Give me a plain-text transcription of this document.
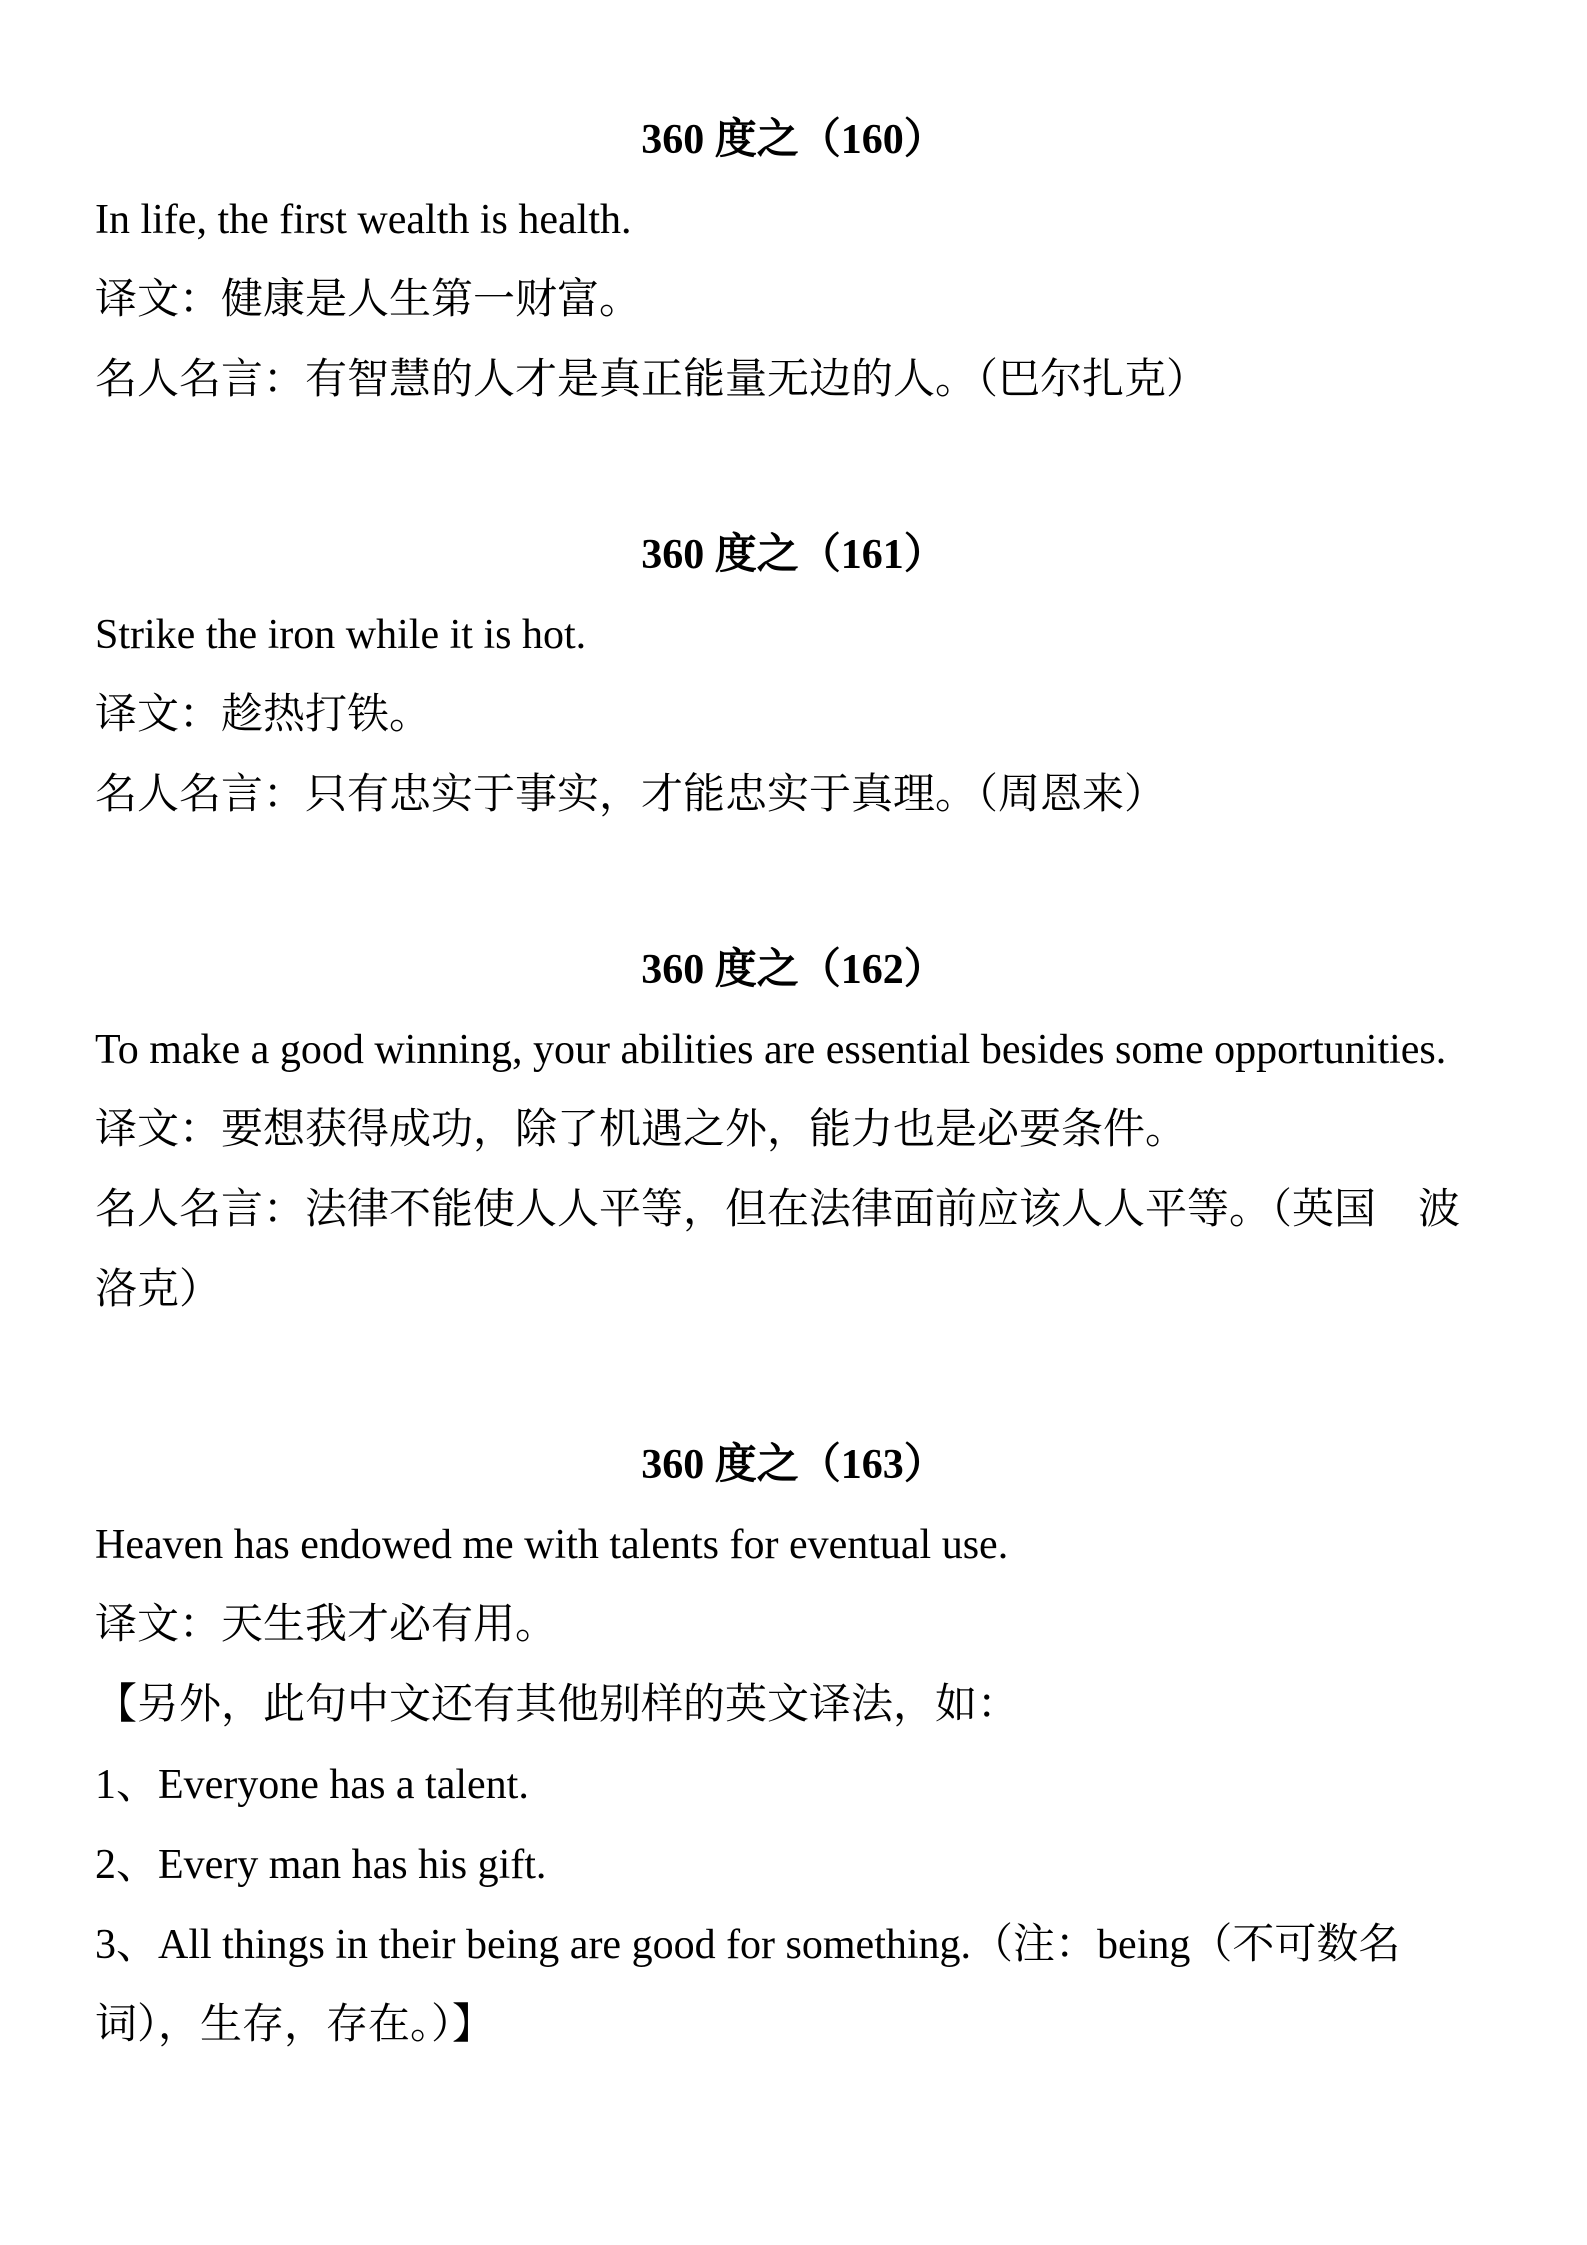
360 度之（160）

In life, the first wealth is health.

译文：健康是人生第一财富。

名人名言：有智慧的人才是真正能量无边的人。（巴尔扎克）

360 度之（161）

Strike the iron while it is hot.

译文：趁热打铁。

名人名言：只有忠实于事实，才能忠实于真理。（周恩来）

360 度之（162）

To make a good winning, your abilities are essential besides some opportunities.

译文：要想获得成功，除了机遇之外，能力也是必要条件。

名人名言：法律不能使人人平等，但在法律面前应该人人平等。（英国　波洛克）

360 度之（163）

Heaven has endowed me with talents for eventual use.

译文：天生我才必有用。

【另外，此句中文还有其他别样的英文译法，如：

1、Everyone has a talent.

2、Every man has his gift.

3、All things in their being are good for something.（注：being（不可数名词），生存，存在。）】
